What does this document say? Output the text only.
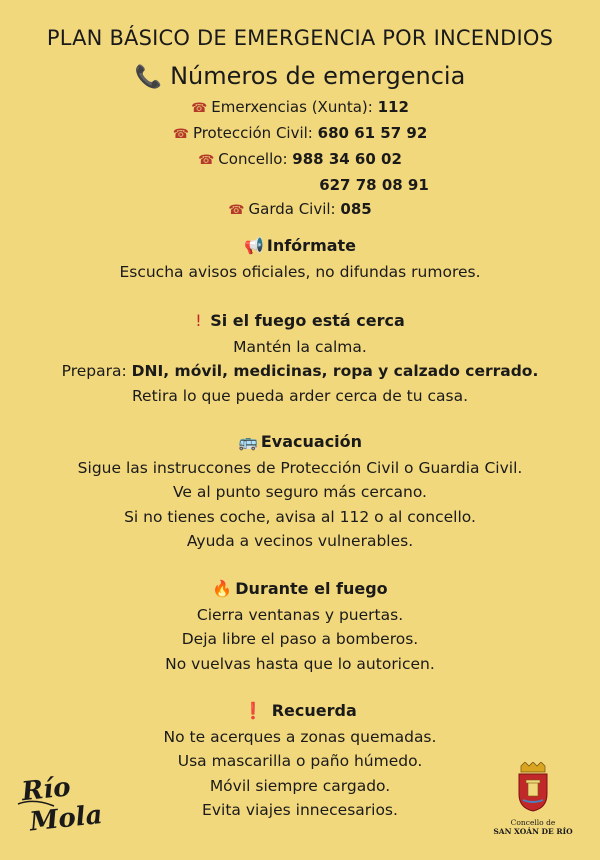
PLAN BÁSICO DE EMERGENCIA POR INCENDIOS
📞 Números de emergencia
☎ Emerxencias (Xunta): 112
☎ Protección Civil: 680 61 57 92
☎ Concello: 988 34 60 02
627 78 08 91
☎ Garda Civil: 085
📢 Infórmate
Escucha avisos oficiales, no difundas rumores.
! Si el fuego está cerca
Mantén la calma.
Prepara: DNI, móvil, medicinas, ropa y calzado cerrado.
Retira lo que pueda arder cerca de tu casa.
🚌 Evacuación
Sigue las instruccones de Protección Civil o Guardia Civil.
Ve al punto seguro más cercano.
Si no tienes coche, avisa al 112 o al concello.
Ayuda a vecinos vulnerables.
🔥 Durante el fuego
Cierra ventanas y puertas.
Deja libre el paso a bomberos.
No vuelvas hasta que lo autoricen.
❗ Recuerda
No te acerques a zonas quemadas.
Usa mascarilla o paño húmedo.
Móvil siempre cargado.
Evita viajes innecesarios.
Río
Mola	Concello de
SAN XOÁN DE RÍO
